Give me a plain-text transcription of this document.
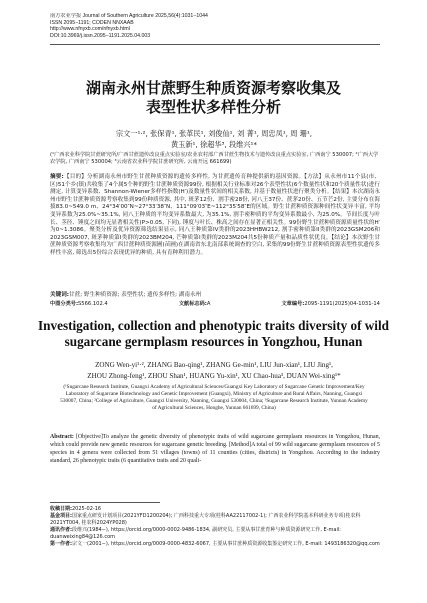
南方农业学报 Journal of Southern Agriculture 2025,56(4):1031−1044
ISSN 2095−1191; CODEN NNXAAB
http://www.nfnyxb.com/nfnyxb.html
DOI:10.3969/j.issn.2095−1191.2025.04.003
湖南永州甘蔗野生种质资源考察收集及
表型性状多样性分析
宗文一¹·², 张保青¹, 张革民¹, 刘俊仙¹, 刘 菁¹, 周忠凤¹, 周 珊¹,
黄玉新¹, 徐超华³, 段维兴¹*
(¹广西农业科学院甘蔗研究所/广西甘蔗遗传改良重点实验室/农业农村部广西甘蔗生物技术与遗传改良重点实验室, 广西南宁 530007; ²广西大学农学院, 广西南宁 530004; ³云南省农业科学院甘蔗研究所, 云南开远 661699)
摘要:【目的】分析湖南永州市野生甘蔗种质资源的遗传多样性, 为甘蔗遗传育种提供新的基因资源。【方法】从永州市11个县(市、区)51个乡(镇)共收集了4个属5个种的野生甘蔗种质资源99份, 根据相关行业标准对26个表型性状(6个数量性状和20个质量性状)进行测定, 计算变异系数、Shannon-Wiener多样性指数(H′)及数量性状间的相关系数, 并基于数量性状进行聚类分析。【结果】本次湖南永州市野生甘蔗种质资源考察收集到99份种质资源, 其中, 斑茅12份、割手密28份, 河八王37份、蔗茅20份、五节芒2份, 主要分布在海拔83.0~549.0 m、24°34′00″N~27°33′38″N、111°09′03″E~112°35′58″E的区域。野生甘蔗种质资源种间性状变异丰富, 平均变异系数为25.0%~35.1%, 同八王种质的平均变异系数最大, 为35.1%, 割手密种质的平均变异系数最小, 为25.0%。节间长度与叶长、茎径、锤度之间均无显著相关性(P>0.05, 下同), 锤度与叶长、株高之间存在显著正相关性。99份野生甘蔗种质资源质量性状的H′为0~1.3086。聚类分析及优异资源筛选结果显示, 同八王种质第IV类群的2023HHBW212, 割手密种质第II类群的2023GSM206和2023GSM007, 斑茅种质第I类群的2023BM204, 芒种质第I类群的2023M204共5份种质产量和品质性状优良。【结论】本次野生甘蔗种质资源考察收集均为广西甘蔗种质资源圃(苗圃)在湖南省东北南部系统调查的空白, 采集的99份野生甘蔗种质资源表型性状遗传多样性丰富, 筛选出5份综合表现优异的种质, 具有育种利用潜力。
关键词:甘蔗; 野生种质资源; 表型性状; 遗传多样性; 湖南永州
中图分类号:S566.102.4	文献标志码:A	文章编号:2095-1191(2025)04-1031-14
Investigation, collection and phenotypic traits diversity of wild
sugarcane germplasm resources in Yongzhou, Hunan
ZONG Wen-yi¹·², ZHANG Bao-qing¹, ZHANG Ge-min¹, LIU Jun-xian¹, LIU Jing¹,
ZHOU Zhong-feng¹, ZHOU Shan¹, HUANG Yu-xin¹, XU Chao-hua³, DUAN Wei-xing¹*
(¹Sugarcane Research Institute, Guangxi Academy of Agricultural Sciences/Guangxi Key Laboratory of Sugarcane Genetic Improvement/Key Laboratory of Sugarcane Biotechnology and Genetic Improvement (Guangxi), Ministry of Agriculture and Rural Affairs, Nanning, Guangxi 530007, China; ²College of Agriculture, Guangxi University, Nanning, Guangxi 530004, China; ³Sugarcane Research Institute, Yunnan Academy of Agricultural Sciences, Honghe, Yunnan 661699, China)
Abstract: [Objective]To analyze the genetic diversity of phenotypic traits of wild sugarcane germplasm resources in Yongzhou, Hunan, which could provide new genetic resources for sugarcane genetic breeding. [Method]A total of 99 wild sugarcane germplasm resources of 5 species in 4 genera were collected from 51 villages (towns) of 11 counties (cities, districts) in Yongzhou. According to the industry standard, 26 phenotypic traits (6 quantitative traits and 20 quali-
收稿日期:2025-02-16
基金项目:国家重点研发计划项目(2021YFD1200204); 广西科技重大专项(桂科AA22117002-1); 广西农业科学院基本科研业务专项(桂农科2021YT004, 桂农科2024YP028)
通讯作者:段维兴(1984−), https://orcid.org/0000-0002-9486-1834, 副研究员, 主要从事甘蔗育种与种质资源研究工作, E-mail: duanweixing84@126.com
第一作者:宗文一(2001−), https://orcid.org/0009-0000-4832-6067, 主要从事甘蔗种质资源收集鉴定研究工作, E-mail: 1493186320@qq.com
